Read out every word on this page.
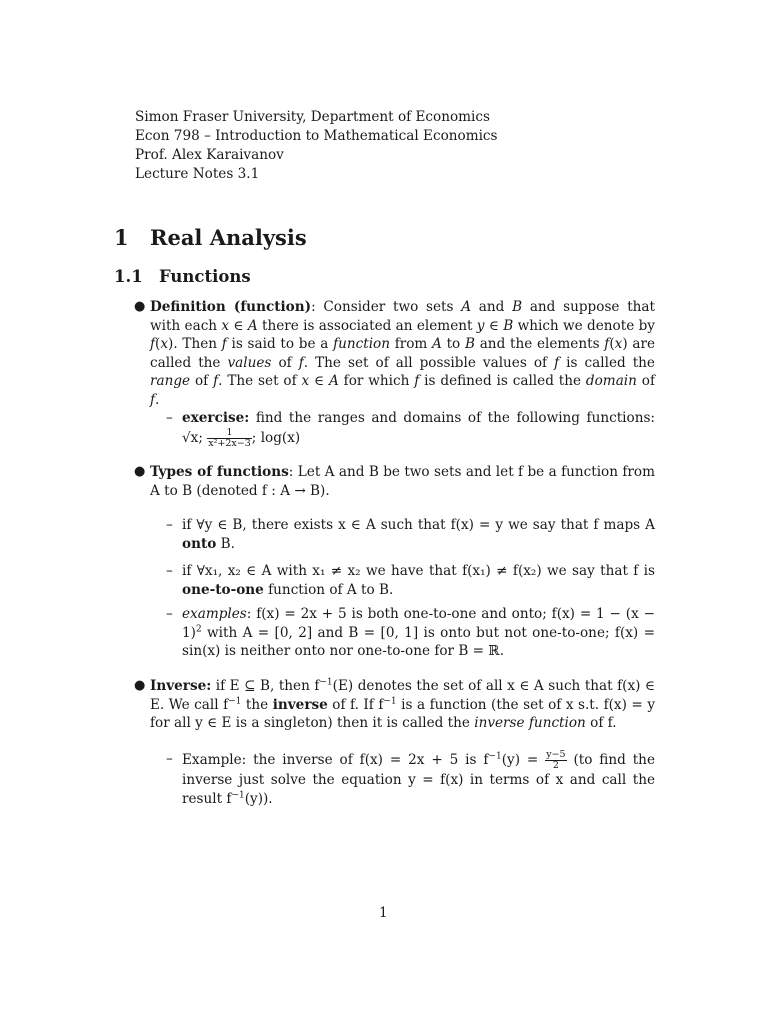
Simon Fraser University, Department of Economics
Econ 798 – Introduction to Mathematical Economics
Prof. Alex Karaivanov
Lecture Notes 3.1
1 Real Analysis
1.1 Functions
● Definition (function): Consider two sets A and B and suppose that with each x ∈ A there is associated an element y ∈ B which we denote by f(x). Then f is said to be a function from A to B and the elements f(x) are called the values of f. The set of all possible values of f is called the range of f. The set of x ∈ A for which f is defined is called the domain of f.
– exercise: find the ranges and domains of the following functions: √x; $\frac{1}{\text{x²+2x−3}}$ ; log(x)
● Types of functions: Let A and B be two sets and let f be a function from A to B (denoted f : A → B).
– if ∀y ∈ B, there exists x ∈ A such that f(x) = y we say that f maps A onto B.
– if ∀x₁, x₂ ∈ A with x₁ ≠ x₂ we have that f(x₁) ≠ f(x₂) we say that f is one-to-one function of A to B.
– examples: f(x) = 2x + 5 is both one-to-one and onto; $f(x) = 1 - (x - 1)^2$ with A = [0, 2] and B = [0, 1] is onto but not one-to-one; f(x) = sin(x) is neither onto nor one-to-one for B = ℝ.
● Inverse: if E ⊆ B, then $f^{-1}(E)$ denotes the set of all x ∈ A such that f(x) ∈ E. We call $f^{-1}$ the inverse of f. If $f^{-1}$ is a function (the set of x s.t. f(x) = y for all y ∈ E is a singleton) then it is called the inverse function of f.
– Example: the inverse of f(x) = 2x + 5 is $f^{-1}(y) = \frac{y-5}{2} (to$ find the inverse just solve the equation y = f(x) in terms of x and call the result $f^{-1}(y)$).
1
